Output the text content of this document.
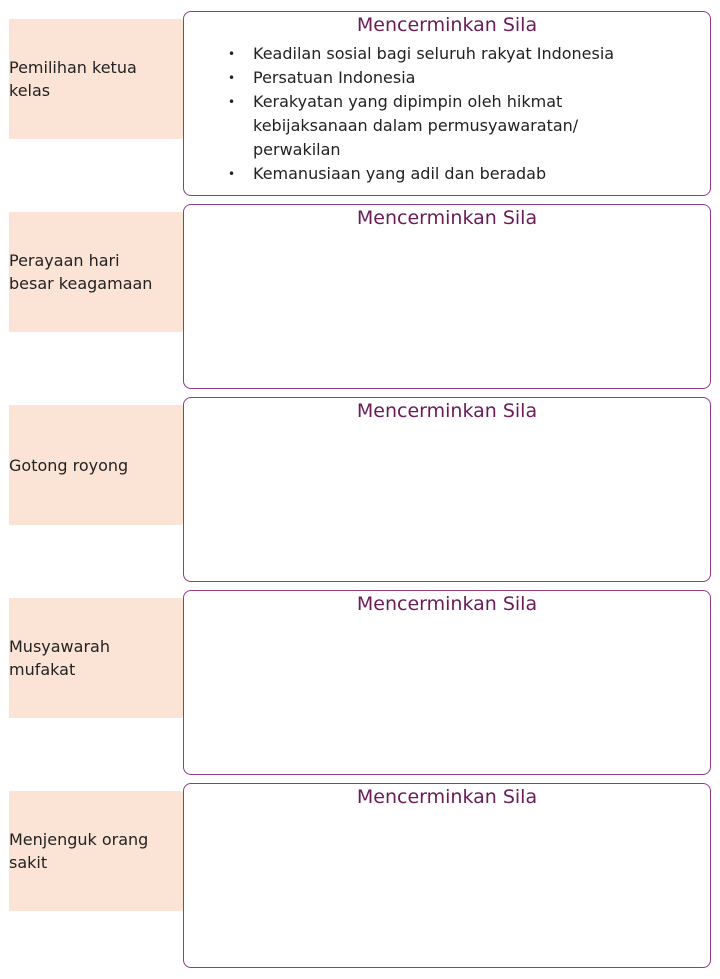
Pemilihan ketua kelas
Mencerminkan Sila
• Keadilan sosial bagi seluruh rakyat Indonesia
• Persatuan Indonesia
• Kerakyatan yang dipimpin oleh hikmat kebijaksanaan dalam permusyawaratan/ perwakilan
• Kemanusiaan yang adil dan beradab
Perayaan hari besar keagamaan
Mencerminkan Sila
Gotong royong
Mencerminkan Sila
Musyawarah mufakat
Mencerminkan Sila
Menjenguk orang sakit
Mencerminkan Sila
